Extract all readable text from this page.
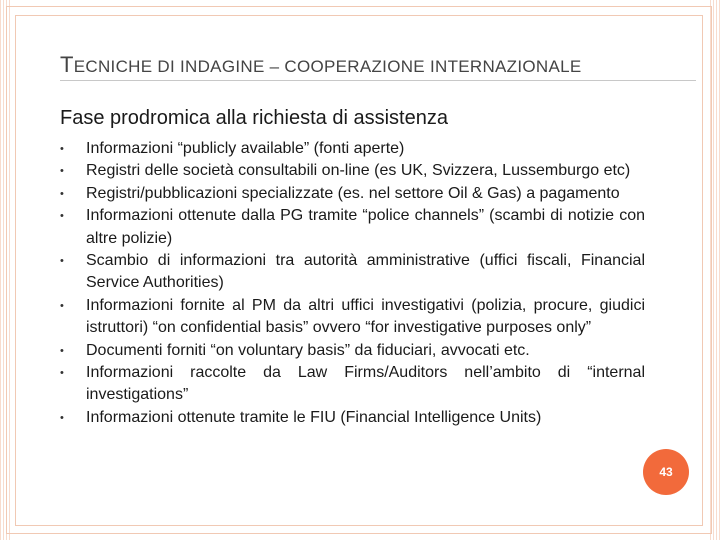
TECNICHE DI INDAGINE – COOPERAZIONE INTERNAZIONALE
Fase prodromica alla richiesta di assistenza
•	Informazioni “publicly available” (fonti aperte)
•	Registri delle società consultabili on-line (es UK, Svizzera, Lussemburgo etc)
•	Registri/pubblicazioni specializzate (es. nel settore Oil & Gas) a pagamento
•	Informazioni ottenute dalla PG tramite “police channels” (scambi di notizie con altre polizie)
•	Scambio di informazioni tra autorità amministrative (uffici fiscali, Financial Service Authorities)
•	Informazioni fornite al PM da altri uffici investigativi (polizia, procure, giudici istruttori) “on confidential basis” ovvero “for investigative purposes only”
•	Documenti forniti “on voluntary basis” da fiduciari, avvocati etc.
•	Informazioni raccolte da Law Firms/Auditors nell’ambito di “internal investigations”
•	Informazioni ottenute tramite le FIU (Financial Intelligence Units)
43
